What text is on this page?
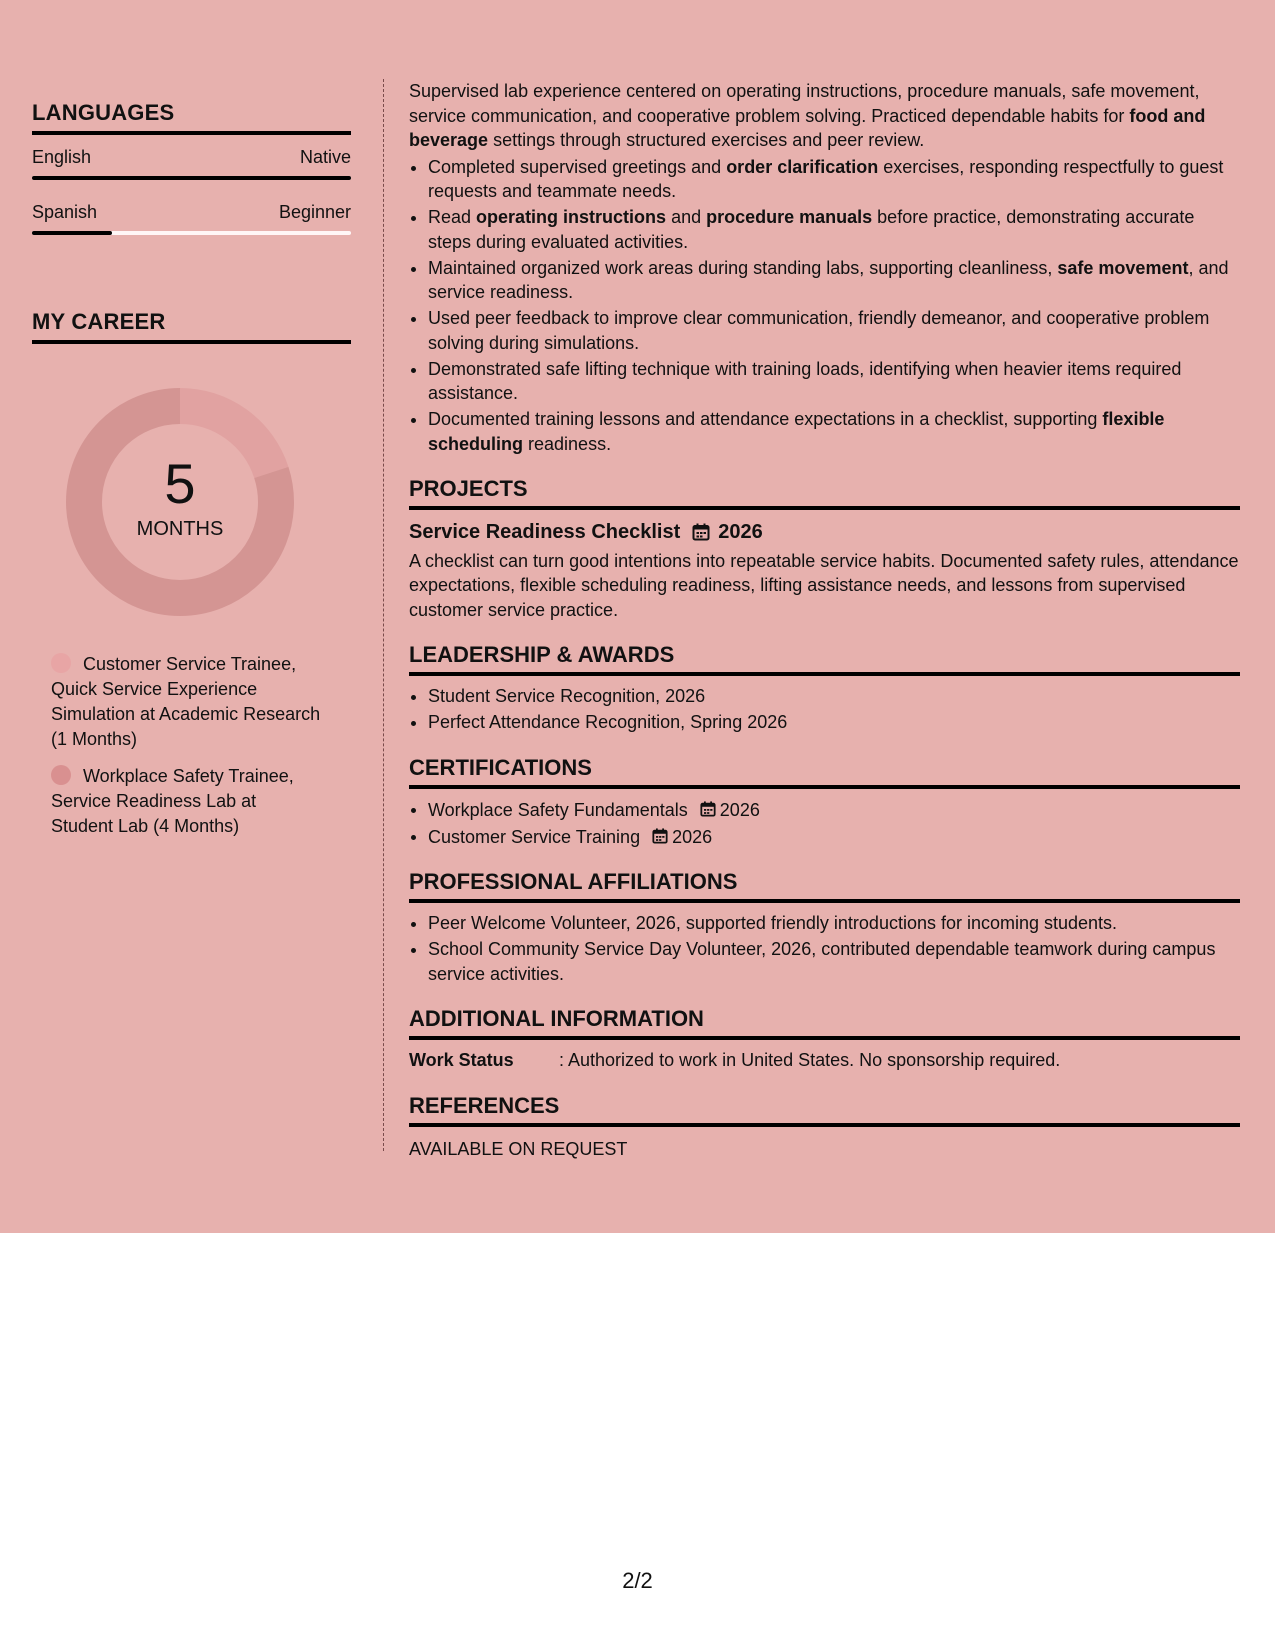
LANGUAGES
English	Native
Spanish	Beginner
MY CAREER
5
MONTHS
Customer Service Trainee, Quick Service Experience Simulation at Academic Research (1 Months)
Workplace Safety Trainee, Service Readiness Lab at Student Lab (4 Months)

Supervised lab experience centered on operating instructions, procedure manuals, safe movement, service communication, and cooperative problem solving. Practiced dependable habits for food and beverage settings through structured exercises and peer review.

• Completed supervised greetings and order clarification exercises, responding respectfully to guest requests and teammate needs.
• Read operating instructions and procedure manuals before practice, demonstrating accurate steps during evaluated activities.
• Maintained organized work areas during standing labs, supporting cleanliness, safe movement, and service readiness.
• Used peer feedback to improve clear communication, friendly demeanor, and cooperative problem solving during simulations.
• Demonstrated safe lifting technique with training loads, identifying when heavier items required assistance.
• Documented training lessons and attendance expectations in a checklist, supporting flexible scheduling readiness.
PROJECTS
Service Readiness Checklist 2026

A checklist can turn good intentions into repeatable service habits. Documented safety rules, attendance expectations, flexible scheduling readiness, lifting assistance needs, and lessons from supervised customer service practice.

LEADERSHIP & AWARDS
• Student Service Recognition, 2026
• Perfect Attendance Recognition, Spring 2026
CERTIFICATIONS
• Workplace Safety Fundamentals 2026
• Customer Service Training 2026
PROFESSIONAL AFFILIATIONS
• Peer Welcome Volunteer, 2026, supported friendly introductions for incoming students.
• School Community Service Day Volunteer, 2026, contributed dependable teamwork during campus service activities.
ADDITIONAL INFORMATION
Work Status	: Authorized to work in United States. No sponsorship required.
REFERENCES

AVAILABLE ON REQUEST

2/2
